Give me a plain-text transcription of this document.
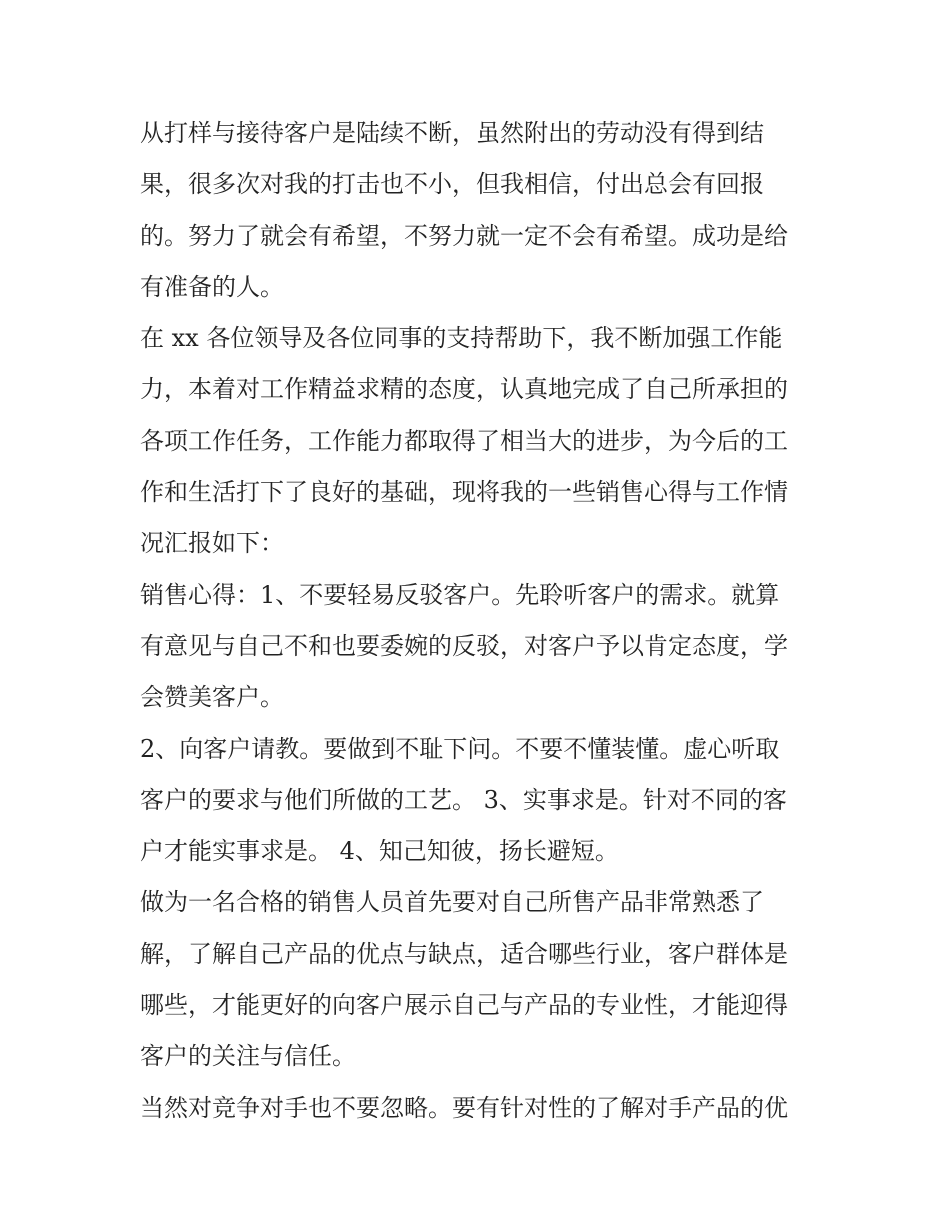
从打样与接待客户是陆续不断，虽然附出的劳动没有得到结
果，很多次对我的打击也不小，但我相信，付出总会有回报
的。努力了就会有希望，不努力就一定不会有希望。成功是给
有准备的人。
在 xx 各位领导及各位同事的支持帮助下，我不断加强工作能
力，本着对工作精益求精的态度，认真地完成了自己所承担的
各项工作任务，工作能力都取得了相当大的进步，为今后的工
作和生活打下了良好的基础，现将我的一些销售心得与工作情
况汇报如下：
销售心得：1、不要轻易反驳客户。先聆听客户的需求。就算
有意见与自己不和也要委婉的反驳，对客户予以肯定态度，学
会赞美客户。
2、向客户请教。要做到不耻下问。不要不懂装懂。虚心听取
客户的要求与他们所做的工艺。 3、实事求是。针对不同的客
户才能实事求是。 4、知己知彼，扬长避短。
做为一名合格的销售人员首先要对自己所售产品非常熟悉了
解，了解自己产品的优点与缺点，适合哪些行业，客户群体是
哪些，才能更好的向客户展示自己与产品的专业性，才能迎得
客户的关注与信任。
当然对竞争对手也不要忽略。要有针对性的了解对手产品的优
